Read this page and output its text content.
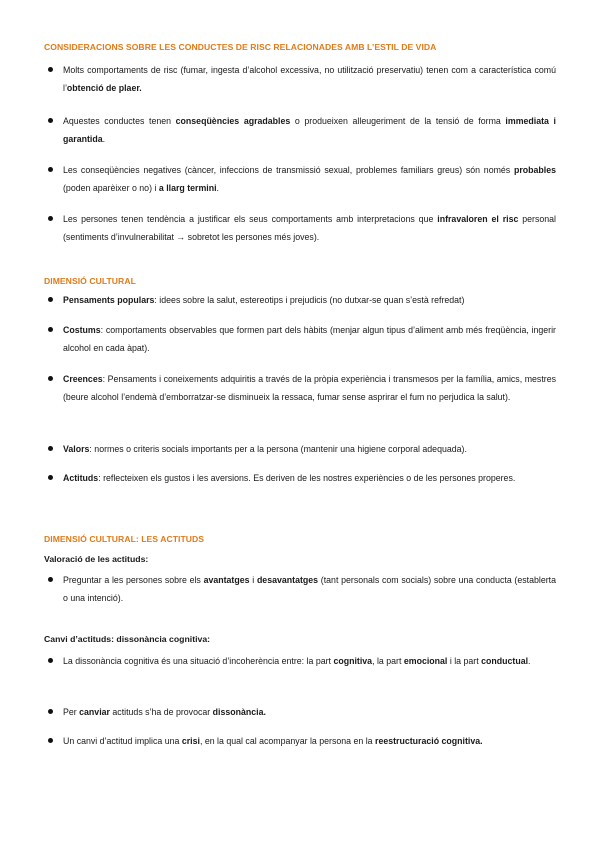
CONSIDERACIONS SOBRE LES CONDUCTES DE RISC RELACIONADES AMB L’ESTIL DE VIDA
Molts comportaments de risc (fumar, ingesta d’alcohol excessiva, no utilització preservatiu) tenen com a característica comú l’obtenció de plaer.
Aquestes conductes tenen conseqüències agradables o produeixen alleugeriment de la tensió de forma immediata i garantida.
Les conseqüències negatives (càncer, infeccions de transmissió sexual, problemes familiars greus) són només probables (poden aparèixer o no) i a llarg termini.
Les persones tenen tendència a justificar els seus comportaments amb interpretacions que infravaloren el risc personal (sentiments d’invulnerabilitat → sobretot les persones més joves).
DIMENSIÓ CULTURAL
Pensaments populars: idees sobre la salut, estereotips i prejudicis (no dutxar-se quan s’està refredat)
Costums: comportaments observables que formen part dels hàbits (menjar algun tipus d’aliment amb més freqüència, ingerir alcohol en cada àpat).
Creences: Pensaments i coneixements adquiritis a través de la pròpia experiència i transmesos per la família, amics, mestres (beure alcohol l’endemà d’emborratzar-se disminueix la ressaca, fumar sense asprirar el fum no perjudica la salut).
Valors: normes o criteris socials importants per a la persona (mantenir una higiene corporal adequada).
Actituds: reflecteixen els gustos i les aversions. Es deriven de les nostres experiències o de les persones properes.
DIMENSIÓ CULTURAL: LES ACTITUDS
Valoració de les actituds:
Preguntar a les persones sobre els avantatges i desavantatges (tant personals com socials) sobre una conducta (establerta o una intenció).
Canvi d’actituds: dissonància cognitiva:
La dissonància cognitiva és una situació d’incoherència entre: la part cognitiva, la part emocional i la part conductual.
Per canviar actituds s’ha de provocar dissonància.
Un canvi d’actitud implica una crisi, en la qual cal acompanyar la persona en la reestructuració cognitiva.
